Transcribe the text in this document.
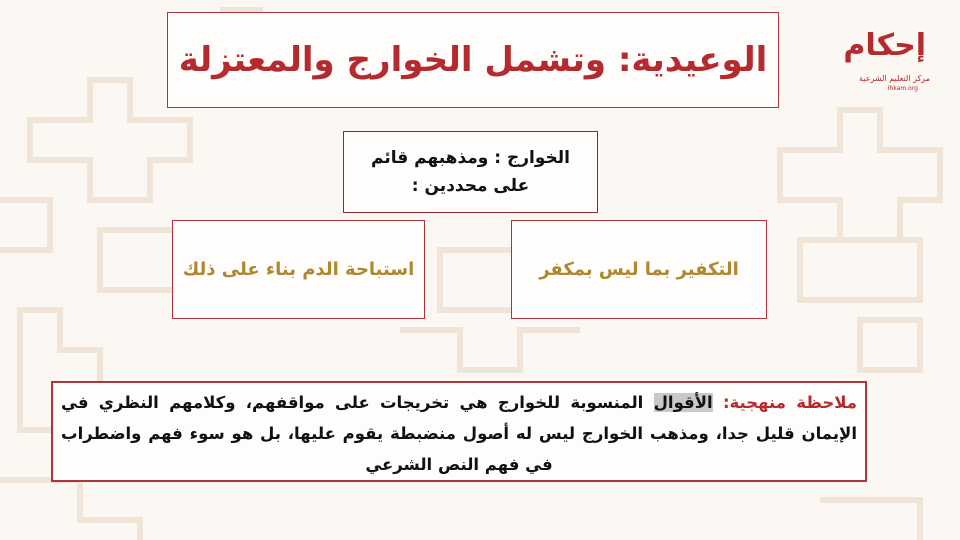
إحكام
مركز التعليم الشرعية
Ihkam.org
الوعيدية: وتشمل الخوارج والمعتزلة
الخوارج : ومذهبهم قائم
على محددين :
التكفير بما ليس بمكفر
استباحة الدم بناء على ذلك

ملاحظة منهجية: الأقوال المنسوبة للخوارج هي تخريجات على مواقفهم، وكلامهم النظري في الإيمان قليل جدا، ومذهب الخوارج ليس له أصول منضبطة يقوم عليها، بل هو سوء فهم واضطراب في فهم النص الشرعي
